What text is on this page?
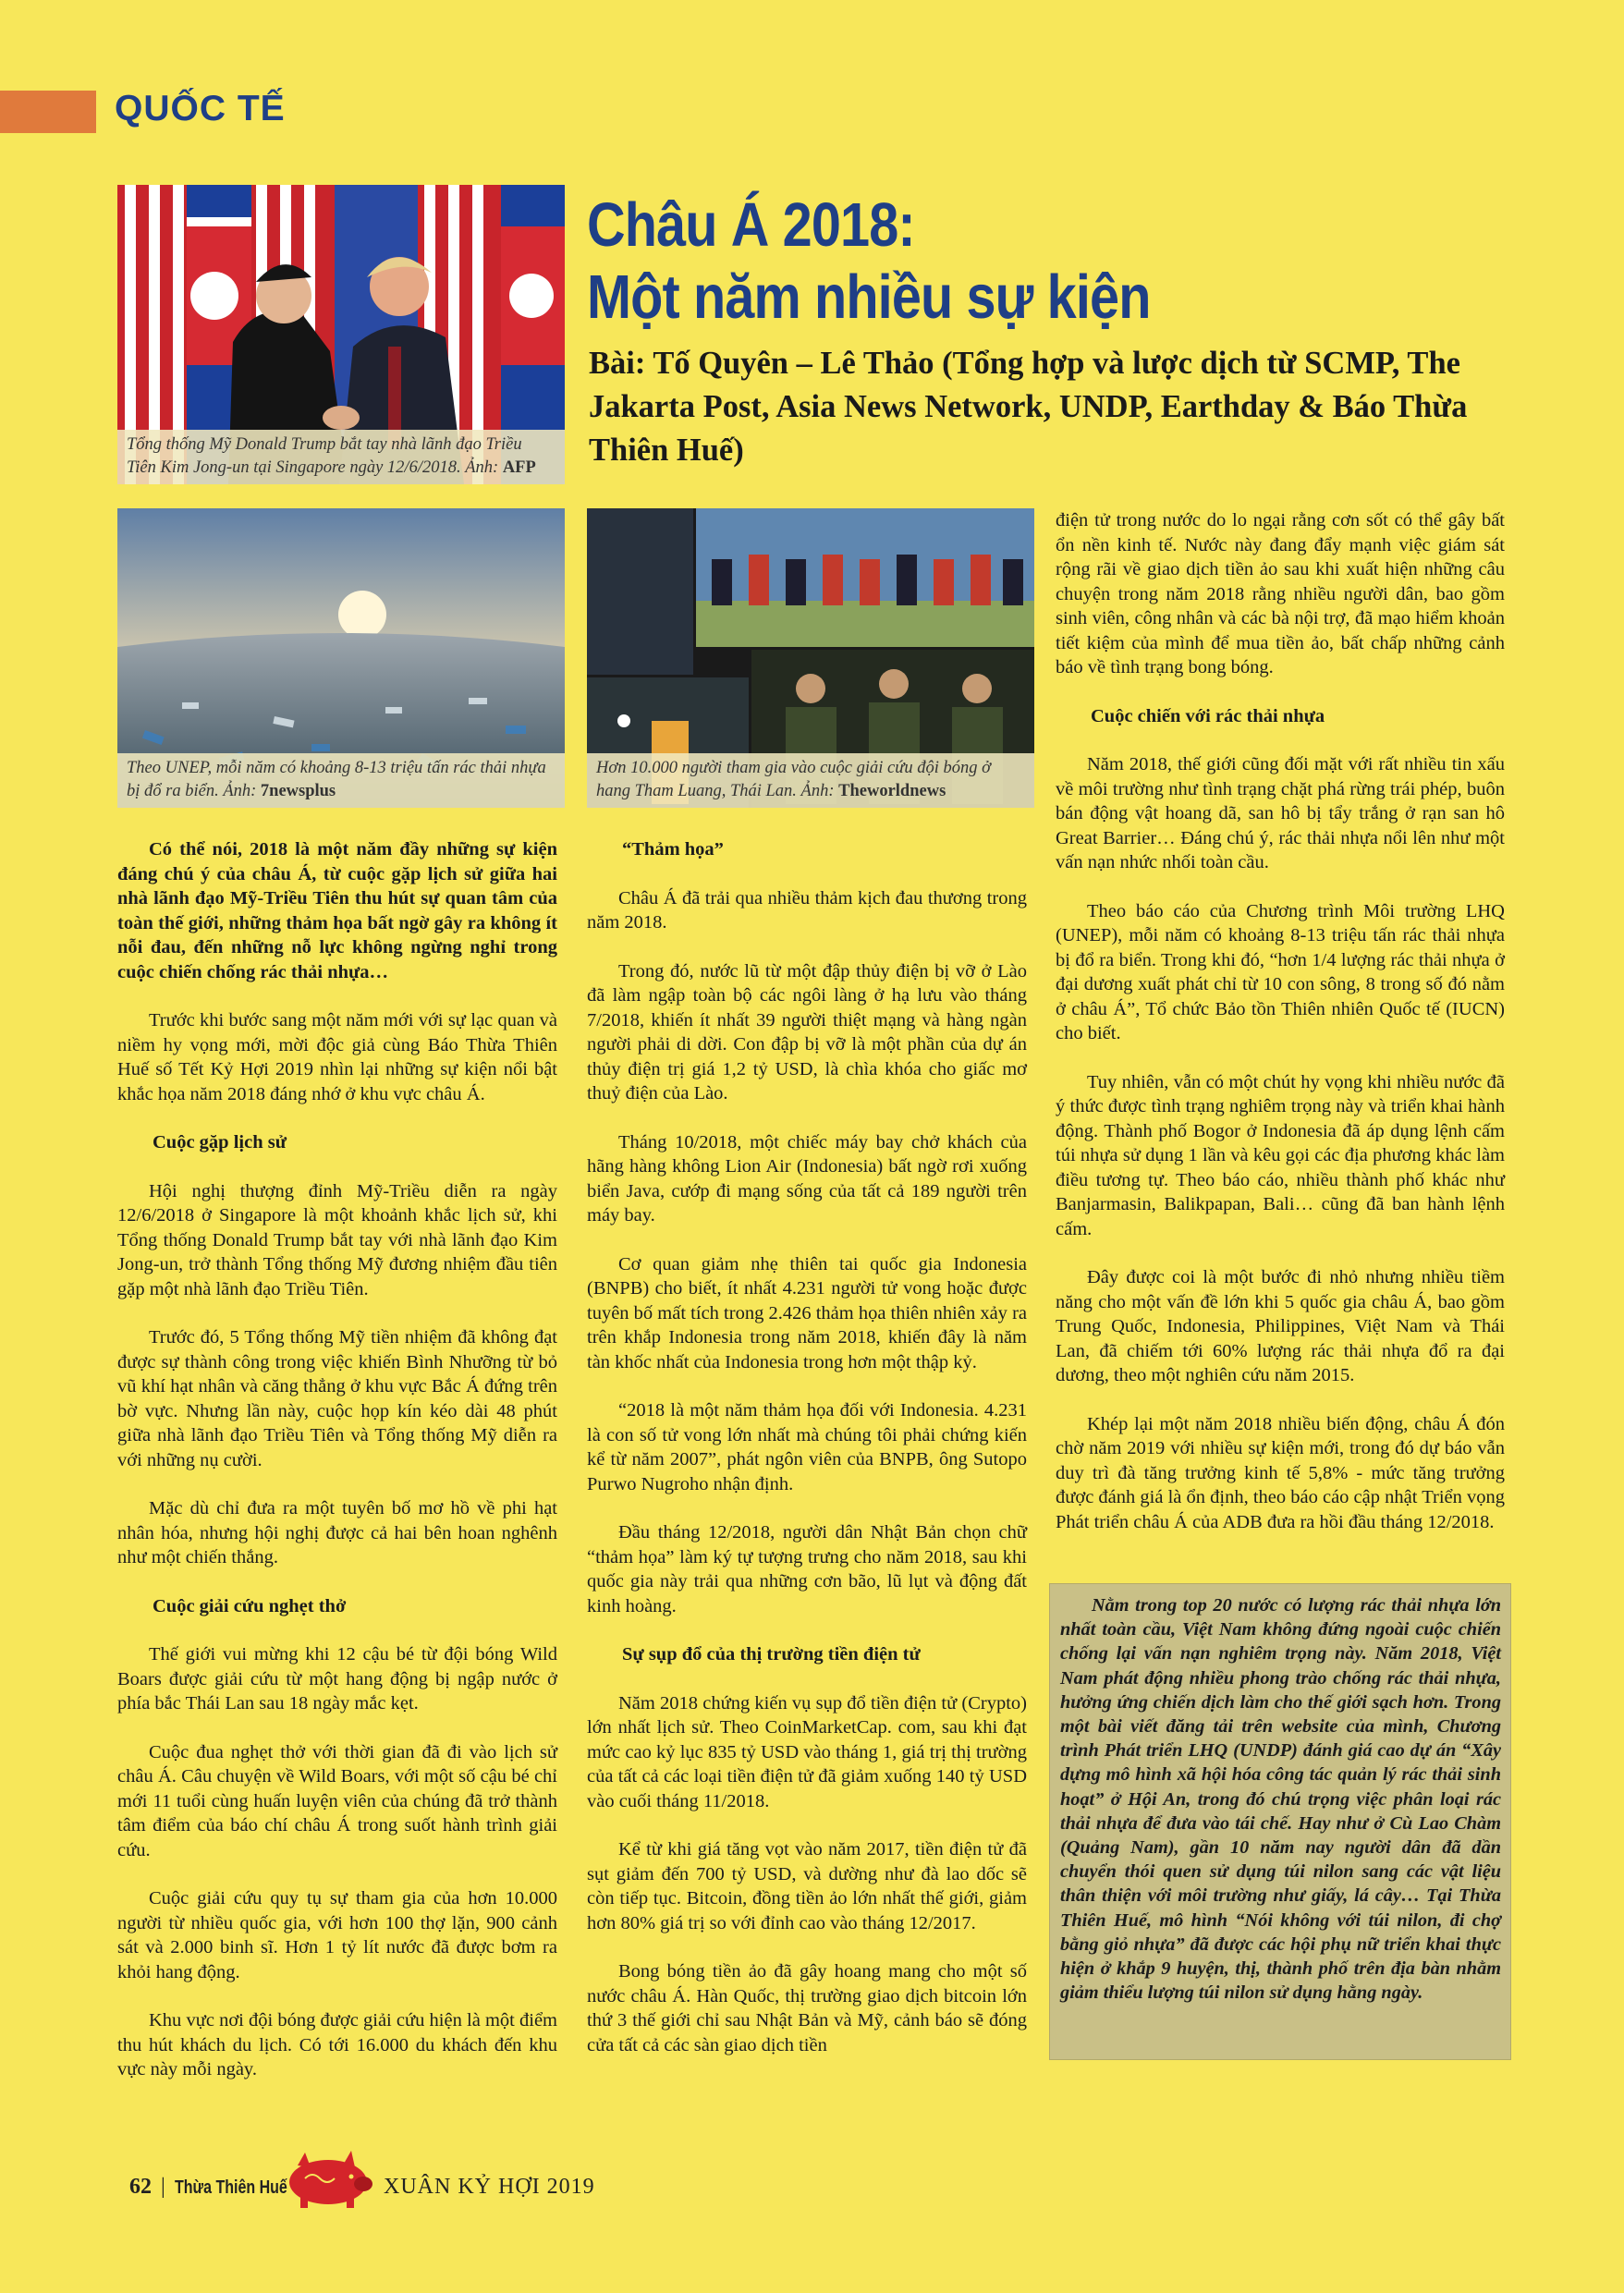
QUỐC TẾ
Tổng thống Mỹ Donald Trump bắt tay nhà lãnh đạo Triều Tiên Kim Jong-un tại Singapore ngày 12/6/2018. Ảnh: AFP
Châu Á 2018:
Một năm nhiều sự kiện
Bài: Tố Quyên – Lê Thảo (Tổng hợp và lược dịch từ SCMP, The Jakarta Post, Asia News Network, UNDP, Earthday & Báo Thừa Thiên Huế)
Theo UNEP, mỗi năm có khoảng 8-13 triệu tấn rác thải nhựa bị đổ ra biển. Ảnh: 7newsplus
Hơn 10.000 người tham gia vào cuộc giải cứu đội bóng ở hang Tham Luang, Thái Lan. Ảnh: Theworldnews

Có thể nói, 2018 là một năm đầy những sự kiện đáng chú ý của châu Á, từ cuộc gặp lịch sử giữa hai nhà lãnh đạo Mỹ-Triều Tiên thu hút sự quan tâm của toàn thế giới, những thảm họa bất ngờ gây ra không ít nỗi đau, đến những nỗ lực không ngừng nghỉ trong cuộc chiến chống rác thải nhựa…

Trước khi bước sang một năm mới với sự lạc quan và niềm hy vọng mới, mời độc giả cùng Báo Thừa Thiên Huế số Tết Kỷ Hợi 2019 nhìn lại những sự kiện nổi bật khắc họa năm 2018 đáng nhớ ở khu vực châu Á.

Cuộc gặp lịch sử

Hội nghị thượng đỉnh Mỹ-Triều diễn ra ngày 12/6/2018 ở Singapore là một khoảnh khắc lịch sử, khi Tổng thống Donald Trump bắt tay với nhà lãnh đạo Kim Jong-un, trở thành Tổng thống Mỹ đương nhiệm đầu tiên gặp một nhà lãnh đạo Triều Tiên.

Trước đó, 5 Tổng thống Mỹ tiền nhiệm đã không đạt được sự thành công trong việc khiến Bình Nhưỡng từ bỏ vũ khí hạt nhân và căng thẳng ở khu vực Bắc Á đứng trên bờ vực. Nhưng lần này, cuộc họp kín kéo dài 48 phút giữa nhà lãnh đạo Triều Tiên và Tổng thống Mỹ diễn ra với những nụ cười.

Mặc dù chỉ đưa ra một tuyên bố mơ hồ về phi hạt nhân hóa, nhưng hội nghị được cả hai bên hoan nghênh như một chiến thắng.

Cuộc giải cứu nghẹt thở

Thế giới vui mừng khi 12 cậu bé từ đội bóng Wild Boars được giải cứu từ một hang động bị ngập nước ở phía bắc Thái Lan sau 18 ngày mắc kẹt.

Cuộc đua nghẹt thở với thời gian đã đi vào lịch sử châu Á. Câu chuyện về Wild Boars, với một số cậu bé chỉ mới 11 tuổi cùng huấn luyện viên của chúng đã trở thành tâm điểm của báo chí châu Á trong suốt hành trình giải cứu.

Cuộc giải cứu quy tụ sự tham gia của hơn 10.000 người từ nhiều quốc gia, với hơn 100 thợ lặn, 900 cảnh sát và 2.000 binh sĩ. Hơn 1 tỷ lít nước đã được bơm ra khỏi hang động.

Khu vực nơi đội bóng được giải cứu hiện là một điểm thu hút khách du lịch. Có tới 16.000 du khách đến khu vực này mỗi ngày.

“Thảm họa”

Châu Á đã trải qua nhiều thảm kịch đau thương trong năm 2018.

Trong đó, nước lũ từ một đập thủy điện bị vỡ ở Lào đã làm ngập toàn bộ các ngôi làng ở hạ lưu vào tháng 7/2018, khiến ít nhất 39 người thiệt mạng và hàng ngàn người phải di dời. Con đập bị vỡ là một phần của dự án thủy điện trị giá 1,2 tỷ USD, là chìa khóa cho giấc mơ thuỷ điện của Lào.

Tháng 10/2018, một chiếc máy bay chở khách của hãng hàng không Lion Air (Indonesia) bất ngờ rơi xuống biển Java, cướp đi mạng sống của tất cả 189 người trên máy bay.

Cơ quan giảm nhẹ thiên tai quốc gia Indonesia (BNPB) cho biết, ít nhất 4.231 người tử vong hoặc được tuyên bố mất tích trong 2.426 thảm họa thiên nhiên xảy ra trên khắp Indonesia trong năm 2018, khiến đây là năm tàn khốc nhất của Indonesia trong hơn một thập kỷ.

“2018 là một năm thảm họa đối với Indonesia. 4.231 là con số tử vong lớn nhất mà chúng tôi phải chứng kiến kể từ năm 2007”, phát ngôn viên của BNPB, ông Sutopo Purwo Nugroho nhận định.

Đầu tháng 12/2018, người dân Nhật Bản chọn chữ “thảm họa” làm ký tự tượng trưng cho năm 2018, sau khi quốc gia này trải qua những cơn bão, lũ lụt và động đất kinh hoàng.

Sự sụp đổ của thị trường tiền điện tử

Năm 2018 chứng kiến vụ sụp đổ tiền điện tử (Crypto) lớn nhất lịch sử. Theo CoinMarketCap. com, sau khi đạt mức cao kỷ lục 835 tỷ USD vào tháng 1, giá trị thị trường của tất cả các loại tiền điện tử đã giảm xuống 140 tỷ USD vào cuối tháng 11/2018.

Kể từ khi giá tăng vọt vào năm 2017, tiền điện tử đã sụt giảm đến 700 tỷ USD, và dường như đà lao dốc sẽ còn tiếp tục. Bitcoin, đồng tiền ảo lớn nhất thế giới, giảm hơn 80% giá trị so với đỉnh cao vào tháng 12/2017.

Bong bóng tiền ảo đã gây hoang mang cho một số nước châu Á. Hàn Quốc, thị trường giao dịch bitcoin lớn thứ 3 thế giới chỉ sau Nhật Bản và Mỹ, cảnh báo sẽ đóng cửa tất cả các sàn giao dịch tiền

điện tử trong nước do lo ngại rằng cơn sốt có thể gây bất ổn nền kinh tế. Nước này đang đẩy mạnh việc giám sát rộng rãi về giao dịch tiền ảo sau khi xuất hiện những câu chuyện trong năm 2018 rằng nhiều người dân, bao gồm sinh viên, công nhân và các bà nội trợ, đã mạo hiểm khoản tiết kiệm của mình để mua tiền ảo, bất chấp những cảnh báo về tình trạng bong bóng.

Cuộc chiến với rác thải nhựa

Năm 2018, thế giới cũng đối mặt với rất nhiều tin xấu về môi trường như tình trạng chặt phá rừng trái phép, buôn bán động vật hoang dã, san hô bị tẩy trắng ở rạn san hô Great Barrier… Đáng chú ý, rác thải nhựa nổi lên như một vấn nạn nhức nhối toàn cầu.

Theo báo cáo của Chương trình Môi trường LHQ (UNEP), mỗi năm có khoảng 8-13 triệu tấn rác thải nhựa bị đổ ra biển. Trong khi đó, “hơn 1/4 lượng rác thải nhựa ở đại dương xuất phát chỉ từ 10 con sông, 8 trong số đó nằm ở châu Á”, Tổ chức Bảo tồn Thiên nhiên Quốc tế (IUCN) cho biết.

Tuy nhiên, vẫn có một chút hy vọng khi nhiều nước đã ý thức được tình trạng nghiêm trọng này và triển khai hành động. Thành phố Bogor ở Indonesia đã áp dụng lệnh cấm túi nhựa sử dụng 1 lần và kêu gọi các địa phương khác làm điều tương tự. Theo báo cáo, nhiều thành phố khác như Banjarmasin, Balikpapan, Bali… cũng đã ban hành lệnh cấm.

Đây được coi là một bước đi nhỏ nhưng nhiều tiềm năng cho một vấn đề lớn khi 5 quốc gia châu Á, bao gồm Trung Quốc, Indonesia, Philippines, Việt Nam và Thái Lan, đã chiếm tới 60% lượng rác thải nhựa đổ ra đại dương, theo một nghiên cứu năm 2015.

Khép lại một năm 2018 nhiều biến động, châu Á đón chờ năm 2019 với nhiều sự kiện mới, trong đó dự báo vẫn duy trì đà tăng trưởng kinh tế 5,8% - mức tăng trưởng được đánh giá là ổn định, theo báo cáo cập nhật Triển vọng Phát triển châu Á của ADB đưa ra hồi đầu tháng 12/2018.

Nằm trong top 20 nước có lượng rác thải nhựa lớn nhất toàn cầu, Việt Nam không đứng ngoài cuộc chiến chống lại vấn nạn nghiêm trọng này. Năm 2018, Việt Nam phát động nhiều phong trào chống rác thải nhựa, hưởng ứng chiến dịch làm cho thế giới sạch hơn. Trong một bài viết đăng tải trên website của mình, Chương trình Phát triển LHQ (UNDP) đánh giá cao dự án “Xây dựng mô hình xã hội hóa công tác quản lý rác thải sinh hoạt” ở Hội An, trong đó chú trọng việc phân loại rác thải nhựa để đưa vào tái chế. Hay như ở Cù Lao Chàm (Quảng Nam), gần 10 năm nay người dân đã dần chuyển thói quen sử dụng túi nilon sang các vật liệu thân thiện với môi trường như giấy, lá cây… Tại Thừa Thiên Huế, mô hình “Nói không với túi nilon, đi chợ bằng giỏ nhựa” đã được các hội phụ nữ triển khai thực hiện ở khắp 9 huyện, thị, thành phố trên địa bàn nhằm giảm thiểu lượng túi nilon sử dụng hằng ngày.
62 | Thừa Thiên Huế	XUÂN KỶ HỢI 2019
